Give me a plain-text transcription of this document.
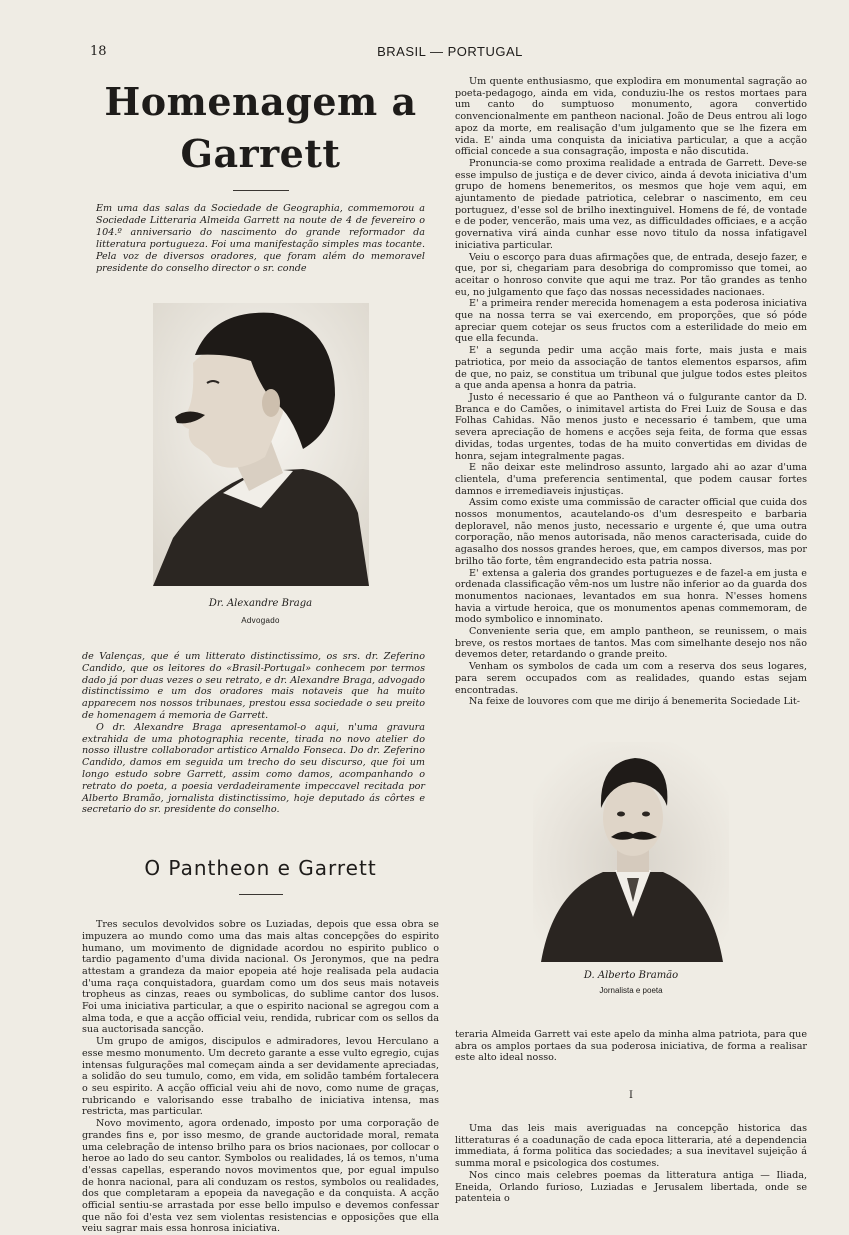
18	BRASIL — PORTUGAL
Homenagem a Garrett

Em uma das salas da Sociedade de Geographia, commemorou a Sociedade Litteraria Almeida Garrett na noute de 4 de fevereiro o 104.º anniversario do nascimento do grande reformador da litteratura portugueza. Foi uma manifestação simples mas tocante. Pela voz de diversos oradores, que foram além do memoravel presidente do conselho director o sr. conde

Dr. Alexandre Braga
Advogado

de Valenças, que é um litterato distinctissimo, os srs. dr. Zeferino Candido, que os leitores do «Brasil-Portugal» conhecem por termos dado já por duas vezes o seu retrato, e dr. Alexandre Braga, advogado distinctissimo e um dos oradores mais notaveis que ha muito apparecem nos nossos tribunaes, prestou essa sociedade o seu preito de homenagem á memoria de Garrett.

O dr. Alexandre Braga apresentamol-o aqui, n'uma gravura extrahida de uma photographia recente, tirada no novo atelier do nosso illustre collaborador artistico Arnaldo Fonseca. Do dr. Zeferino Candido, damos em seguida um trecho do seu discurso, que foi um longo estudo sobre Garrett, assim como damos, acompanhando o retrato do poeta, a poesia verdadeiramente impeccavel recitada por Alberto Bramão, jornalista distinctissimo, hoje deputado ás côrtes e secretario do sr. presidente do conselho.

O Pantheon e Garrett

Tres seculos devolvidos sobre os Luziadas, depois que essa obra se impuzera ao mundo como uma das mais altas concepções do espirito humano, um movimento de dignidade acordou no espirito publico o tardio pagamento d'uma divida nacional. Os Jeronymos, que na pedra attestam a grandeza da maior epopeia até hoje realisada pela audacia d'uma raça conquistadora, guardam como um dos seus mais notaveis tropheus as cinzas, reaes ou symbolicas, do sublime cantor dos lusos. Foi uma iniciativa particular, a que o espirito nacional se agregou com a alma toda, e que a acção official veiu, rendida, rubricar com os sellos da sua auctorisada sancção.

Um grupo de amigos, discipulos e admiradores, levou Herculano a esse mesmo monumento. Um decreto garante a esse vulto egregio, cujas intensas fulgurações mal começam ainda a ser devidamente apreciadas, a solidão do seu tumulo, como, em vida, em solidão também fortalecera o seu espirito. A acção official veiu ahi de novo, como nume de graças, rubricando e valorisando esse trabalho de iniciativa intensa, mas restricta, mas particular.

Novo movimento, agora ordenado, imposto por uma corporação de grandes fins e, por isso mesmo, de grande auctoridade moral, remata uma celebração de intenso brilho para os brios nacionaes, por collocar o heroe ao lado do seu cantor. Symbolos ou realidades, lá os temos, n'uma d'essas capellas, esperando novos movimentos que, por egual impulso de honra nacional, para ali conduzam os restos, symbolos ou realidades, dos que completaram a epopeia da navegação e da conquista. A acção official sentiu-se arrastada por esse bello impulso e devemos confessar que não foi d'esta vez sem violentas resistencias e opposições que ella veiu sagrar mais essa honrosa iniciativa.

Um quente enthusiasmo, que explodira em monumental sagração ao poeta-pedagogo, ainda em vida, conduziu-lhe os restos mortaes para um canto do sumptuoso monumento, agora convertido convencionalmente em pantheon nacional. João de Deus entrou ali logo apoz da morte, em realisação d'um julgamento que se lhe fizera em vida. E' ainda uma conquista da iniciativa particular, a que a acção official concede a sua consagração, imposta e não discutida.

Pronuncia-se como proxima realidade a entrada de Garrett. Deve-se esse impulso de justiça e de dever civico, ainda á devota iniciativa d'um grupo de homens benemeritos, os mesmos que hoje vem aqui, em ajuntamento de piedade patriotica, celebrar o nascimento, em ceu portuguez, d'esse sol de brilho inextinguivel. Homens de fé, de vontade e de poder, vencerão, mais uma vez, as difficuldades officiaes, e a acção governativa virá ainda cunhar esse novo titulo da nossa infatigavel iniciativa particular.

Veiu o escorço para duas afirmações que, de entrada, desejo fazer, e que, por si, chegariam para desobriga do compromisso que tomei, ao aceitar o honroso convite que aqui me traz. Por tão grandes as tenho eu, no julgamento que faço das nossas necessidades nacionaes.

E' a primeira render merecida homenagem a esta poderosa iniciativa que na nossa terra se vai exercendo, em proporções, que só póde apreciar quem cotejar os seus fructos com a esterilidade do meio em que ella fecunda.

E' a segunda pedir uma acção mais forte, mais justa e mais patriotica, por meio da associação de tantos elementos esparsos, afim de que, no paiz, se constitua um tribunal que julgue todos estes pleitos a que anda apensa a honra da patria.

Justo é necessario é que ao Pantheon vá o fulgurante cantor da D. Branca e do Camões, o inimitavel artista do Frei Luiz de Sousa e das Folhas Cahidas. Não menos justo e necessario é tambem, que uma severa apreciação de homens e acções seja feita, de forma que essas dividas, todas urgentes, todas de ha muito convertidas em dividas de honra, sejam integralmente pagas.

E não deixar este melindroso assunto, largado ahi ao azar d'uma clientela, d'uma preferencia sentimental, que podem causar fortes damnos e irremediaveis injustiças.

Assim como existe uma commissão de caracter official que cuida dos nossos monumentos, acautelando-os d'um desrespeito e barbaria deploravel, não menos justo, necessario e urgente é, que uma outra corporação, não menos autorisada, não menos caracterisada, cuide do agasalho dos nossos grandes heroes, que, em campos diversos, mas por brilho tão forte, têm engrandecido esta patria nossa.

E' extensa a galeria dos grandes portuguezes e de fazel-a em justa e ordenada classificação vêm-nos um lustre não inferior ao da guarda dos monumentos nacionaes, levantados em sua honra. N'esses homens havia a virtude heroica, que os monumentos apenas commemoram, de modo symbolico e innominato.

Conveniente seria que, em amplo pantheon, se reunissem, o mais breve, os restos mortaes de tantos. Mas com simelhante desejo nos não devemos deter, retardando o grande preito.

Venham os symbolos de cada um com a reserva dos seus logares, para serem occupados com as realidades, quando estas sejam encontradas.

Na feixe de louvores com que me dirijo á benemerita Sociedade Lit-

D. Alberto Bramão
Jornalista e poeta

teraria Almeida Garrett vai este apelo da minha alma patriota, para que abra os amplos portaes da sua poderosa iniciativa, de forma a realisar este alto ideal nosso.

I

Uma das leis mais averiguadas na concepção historica das litteraturas é a coadunação de cada epoca litteraria, até a dependencia immediata, á forma politica das sociedades; a sua inevitavel sujeição á summa moral e psicologica dos costumes.

Nos cinco mais celebres poemas da litteratura antiga — Iliada, Eneida, Orlando furioso, Luziadas e Jerusalem libertada, onde se patenteia o
